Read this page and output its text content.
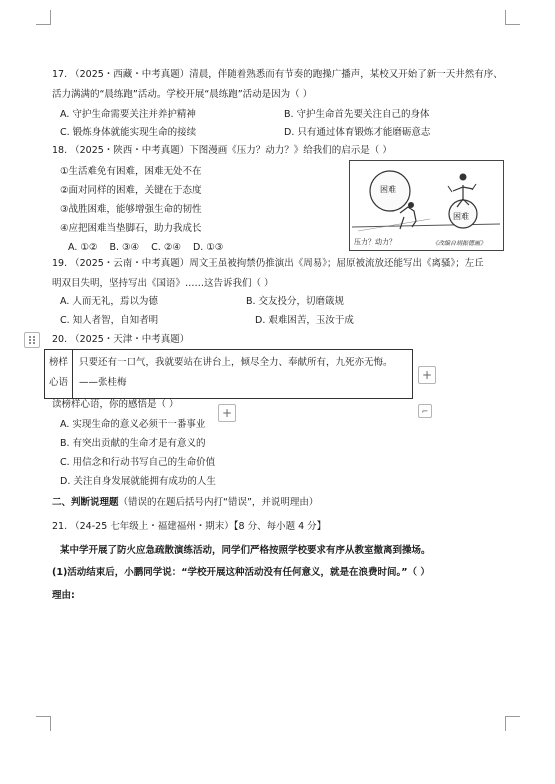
17. （2025・西藏・中考真题）清晨，伴随着熟悉而有节奏的跑操广播声，某校又开始了新一天井然有序、
活力满满的“晨练跑”活动。学校开展“晨练跑”活动是因为（ ）
A. 守护生命需要关注并养护精神	B. 守护生命首先要关注自己的身体
C. 锻炼身体就能实现生命的接续	D. 只有通过体育锻炼才能磨砺意志
18. （2025・陕西・中考真题）下图漫画《压力？动力？》给我们的启示是（ ）
①生活难免有困难，困难无处不在
②面对同样的困难，关键在于态度
③战胜困难，能够增强生命的韧性
④应把困难当垫脚石，助力我成长
A. ①②    B. ③④    C. ②④    D. ①③
困难
困难
压力？动力？	《改编自胡振德画》
19. （2025・云南・中考真题）周文王虽被拘禁仍推演出《周易》；屈原被流放还能写出《离骚》；左丘
明双目失明，坚持写出《国语》……这告诉我们（ ）
A. 人而无礼，焉以为德	B. 交友投分，切磨箴规
C. 知人者智，自知者明	D. 艰难困苦，玉汝于成
20. （2025・天津・中考真题）
榜样
心语
只要还有一口气，我就要站在讲台上，倾尽全力、奉献所有，九死亦无悔。
——张桂梅
+
+	⌐
读榜样心语，你的感悟是（ ）
A. 实现生命的意义必须干一番事业
B. 有突出贡献的生命才是有意义的
C. 用信念和行动书写自己的生命价值
D. 关注自身发展就能拥有成功的人生
二、判断说理题（错误的在题后括号内打“错误”，并说明理由）
21. （24-25 七年级上・福建福州・期末）【8 分、每小题 4 分】
某中学开展了防火应急疏散演练活动，同学们严格按照学校要求有序从教室撤离到操场。
(1)活动结束后，小鹏同学说：“学校开展这种活动没有任何意义，就是在浪费时间。”（ ）
理由:
